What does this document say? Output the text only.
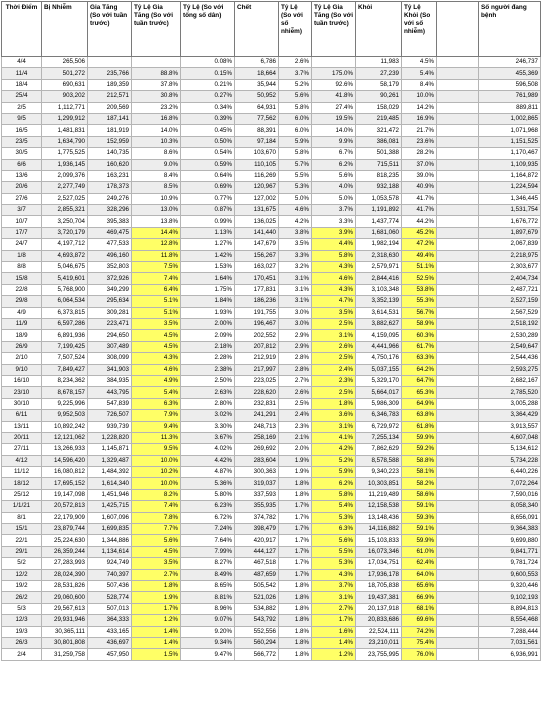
Thời Điểm	Bị Nhiễm	Gia Tăng (So với tuần trước)	Tỷ Lệ Gia Tăng (So với tuần trước)	Tỷ Lệ (So với tổng số dân)	Chết	Tỷ Lệ (So với số nhiễm)	Tỷ Lệ Gia Tăng (So với tuần trước)	Khỏi	Tỷ Lệ Khỏi (So với số nhiễm)		Số người đang bệnh
4/4	265,506			0.08%	6,786	2.6%		11,983	4.5%		246,737
11/4	501,272	235,766	88.8%	0.15%	18,664	3.7%	175.0%	27,239	5.4%		455,369
18/4	690,631	189,359	37.8%	0.21%	35,944	5.2%	92.6%	58,179	8.4%		596,508
25/4	903,202	212,571	30.8%	0.27%	50,952	5.6%	41.8%	90,261	10.0%		761,989
2/5	1,112,771	209,569	23.2%	0.34%	64,931	5.8%	27.4%	158,029	14.2%		889,811
9/5	1,299,912	187,141	16.8%	0.39%	77,562	6.0%	19.5%	219,485	16.9%		1,002,865
16/5	1,481,831	181,919	14.0%	0.45%	88,391	6.0%	14.0%	321,472	21.7%		1,071,968
23/5	1,634,790	152,959	10.3%	0.50%	97,184	5.9%	9.9%	386,081	23.6%		1,151,525
30/5	1,775,525	140,735	8.6%	0.54%	103,670	5.8%	6.7%	501,388	28.2%		1,170,467
6/6	1,936,145	160,620	9.0%	0.59%	110,105	5.7%	6.2%	715,511	37.0%		1,109,935
13/6	2,099,376	163,231	8.4%	0.64%	116,269	5.5%	5.6%	818,235	39.0%		1,164,872
20/6	2,277,749	178,373	8.5%	0.69%	120,967	5.3%	4.0%	932,188	40.9%		1,224,594
27/6	2,527,025	249,276	10.9%	0.77%	127,002	5.0%	5.0%	1,053,578	41.7%		1,346,445
3/7	2,855,321	328,296	13.0%	0.87%	131,675	4.6%	3.7%	1,191,892	41.7%		1,531,754
10/7	3,250,704	395,383	13.8%	0.99%	136,025	4.2%	3.3%	1,437,774	44.2%		1,676,772
17/7	3,720,179	469,475	14.4%	1.13%	141,440	3.8%	3.9%	1,681,060	45.2%		1,897,679
24/7	4,197,712	477,533	12.8%	1.27%	147,679	3.5%	4.4%	1,982,194	47.2%		2,067,839
1/8	4,693,872	496,160	11.8%	1.42%	156,267	3.3%	5.8%	2,318,630	49.4%		2,218,975
8/8	5,046,675	352,803	7.5%	1.53%	163,027	3.2%	4.3%	2,579,971	51.1%		2,303,677
15/8	5,419,601	372,926	7.4%	1.64%	170,451	3.1%	4.6%	2,844,416	52.5%		2,404,734
22/8	5,768,900	349,299	6.4%	1.75%	177,831	3.1%	4.3%	3,103,348	53.8%		2,487,721
29/8	6,064,534	295,634	5.1%	1.84%	186,236	3.1%	4.7%	3,352,139	55.3%		2,527,159
4/9	6,373,815	309,281	5.1%	1.93%	191,755	3.0%	3.5%	3,614,531	56.7%		2,567,529
11/9	6,597,286	223,471	3.5%	2.00%	196,467	3.0%	2.5%	3,882,627	58.9%		2,518,192
18/9	6,891,936	294,650	4.5%	2.09%	202,552	2.9%	3.1%	4,159,095	60.3%		2,530,289
26/9	7,199,425	307,489	4.5%	2.18%	207,812	2.9%	2.6%	4,441,966	61.7%		2,549,647
2/10	7,507,524	308,099	4.3%	2.28%	212,919	2.8%	2.5%	4,750,176	63.3%		2,544,436
9/10	7,849,427	341,903	4.6%	2.38%	217,997	2.8%	2.4%	5,037,155	64.2%		2,593,275
16/10	8,234,362	384,935	4.9%	2.50%	223,025	2.7%	2.3%	5,329,170	64.7%		2,682,167
23/10	8,678,157	443,795	5.4%	2.63%	228,620	2.6%	2.5%	5,664,017	65.3%		2,785,520
30/10	9,225,996	547,839	6.3%	2.80%	232,831	2.5%	1.8%	5,986,309	64.9%		3,005,288
6/11	9,952,503	726,507	7.9%	3.02%	241,291	2.4%	3.6%	6,346,783	63.8%		3,364,429
13/11	10,892,242	939,739	9.4%	3.30%	248,713	2.3%	3.1%	6,729,972	61.8%		3,913,557
20/11	12,121,062	1,228,820	11.3%	3.67%	258,169	2.1%	4.1%	7,255,134	59.9%		4,607,048
27/11	13,266,933	1,145,871	9.5%	4.02%	269,692	2.0%	4.2%	7,862,629	59.2%		5,134,612
4/12	14,596,420	1,329,487	10.0%	4.42%	283,604	1.9%	5.2%	8,578,588	58.8%		5,734,228
11/12	16,080,812	1,484,392	10.2%	4.87%	300,363	1.9%	5.9%	9,340,223	58.1%		6,440,226
18/12	17,695,152	1,614,340	10.0%	5.36%	319,037	1.8%	6.2%	10,303,851	58.2%		7,072,264
25/12	19,147,098	1,451,946	8.2%	5.80%	337,593	1.8%	5.8%	11,219,489	58.6%		7,590,016
1/1/21	20,572,813	1,425,715	7.4%	6.23%	355,935	1.7%	5.4%	12,158,538	59.1%		8,058,340
8/1	22,179,909	1,607,096	7.8%	6.72%	374,782	1.7%	5.3%	13,148,436	59.3%		8,656,091
15/1	23,879,744	1,699,835	7.7%	7.24%	398,479	1.7%	6.3%	14,116,882	59.1%		9,364,383
22/1	25,224,630	1,344,886	5.6%	7.64%	420,917	1.7%	5.6%	15,103,833	59.9%		9,699,880
29/1	26,359,244	1,134,614	4.5%	7.99%	444,127	1.7%	5.5%	16,073,346	61.0%		9,841,771
5/2	27,283,993	924,749	3.5%	8.27%	467,518	1.7%	5.3%	17,034,751	62.4%		9,781,724
12/2	28,024,390	740,397	2.7%	8.49%	487,659	1.7%	4.3%	17,936,178	64.0%		9,600,553
19/2	28,531,826	507,436	1.8%	8.65%	505,542	1.8%	3.7%	18,705,838	65.6%		9,320,446
26/2	29,060,600	528,774	1.9%	8.81%	521,026	1.8%	3.1%	19,437,381	66.9%		9,102,193
5/3	29,567,613	507,013	1.7%	8.96%	534,882	1.8%	2.7%	20,137,918	68.1%		8,894,813
12/3	29,931,946	364,333	1.2%	9.07%	543,792	1.8%	1.7%	20,833,686	69.6%		8,554,468
19/3	30,365,111	433,165	1.4%	9.20%	552,556	1.8%	1.6%	22,524,111	74.2%		7,288,444
26/3	30,801,808	436,697	1.4%	9.34%	560,294	1.8%	1.4%	23,210,011	75.4%		7,031,561
2/4	31,259,758	457,950	1.5%	9.47%	566,772	1.8%	1.2%	23,755,995	76.0%		6,936,991
